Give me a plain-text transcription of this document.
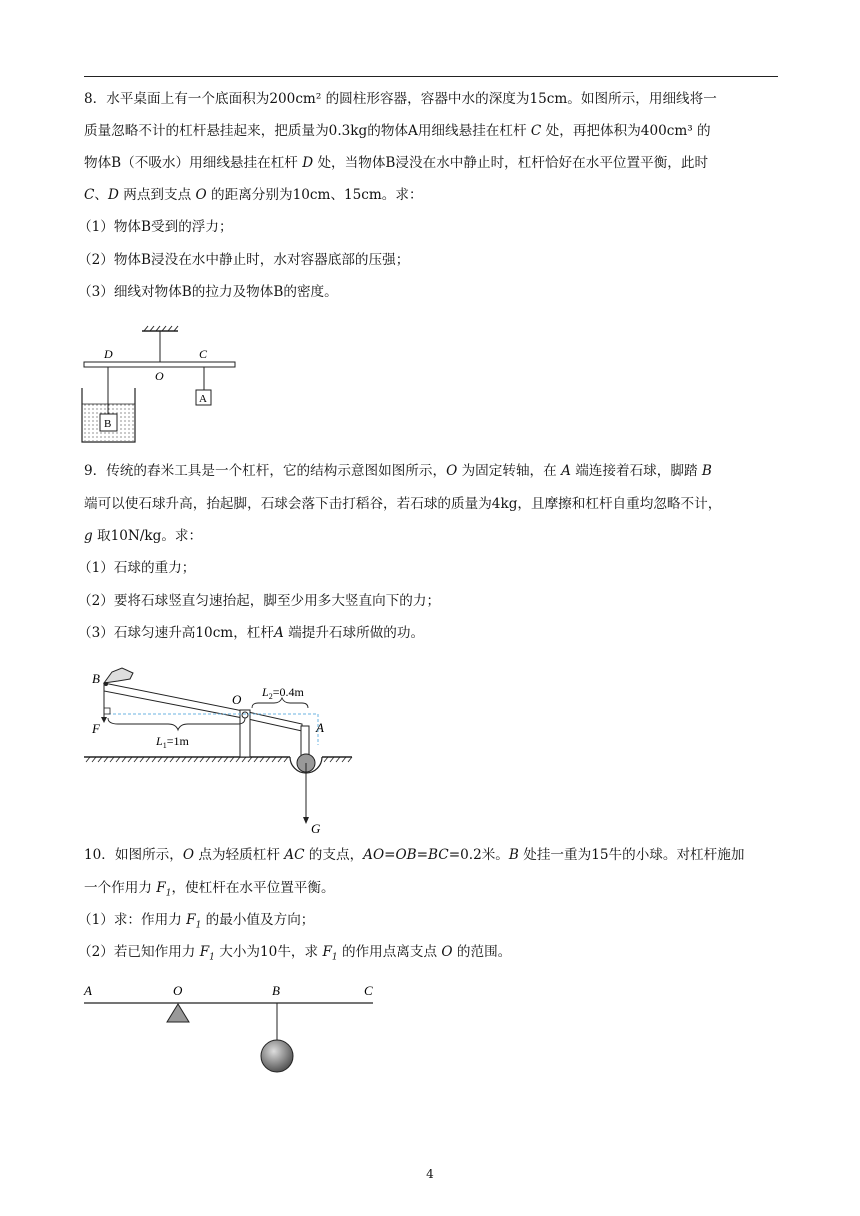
8．水平桌面上有一个底面积为200cm² 的圆柱形容器，容器中水的深度为15cm。如图所示，用细线将一
质量忽略不计的杠杆悬挂起来，把质量为0.3kg的物体A用细线悬挂在杠杆 C 处，再把体积为400cm³ 的
物体B（不吸水）用细线悬挂在杠杆 D 处，当物体B浸没在水中静止时，杠杆恰好在水平位置平衡，此时
C、D 两点到支点 O 的距离分别为10cm、15cm。求：
（1）物体B受到的浮力；
（2）物体B浸没在水中静止时，水对容器底部的压强；
（3）细线对物体B的拉力及物体B的密度。
D
O
C
A
B
9．传统的舂米工具是一个杠杆，它的结构示意图如图所示，O 为固定转轴，在 A 端连接着石球，脚踏 B
端可以使石球升高，抬起脚，石球会落下击打稻谷，若石球的质量为4kg，且摩擦和杠杆自重均忽略不计，
g 取10N/kg。求：
（1）石球的重力；
（2）要将石球竖直匀速抬起，脚至少用多大竖直向下的力；
（3）石球匀速升高10cm，杠杆A 端提升石球所做的功。
B
O $L_2=0.4m$
F	A
$L_1=1m$
G
10．如图所示，O 点为轻质杠杆 AC 的支点，AO=OB=BC=0.2米。B 处挂一重为15牛的小球。对杠杆施加
一个作用力 $F_1$，使杠杆在水平位置平衡。
（1）求：作用力 $F_1$ 的最小值及方向；
（2）若已知作用力 $F_1$ 大小为10牛，求 $F_1$ 的作用点离支点 O 的范围。
A	O	B	C
4
